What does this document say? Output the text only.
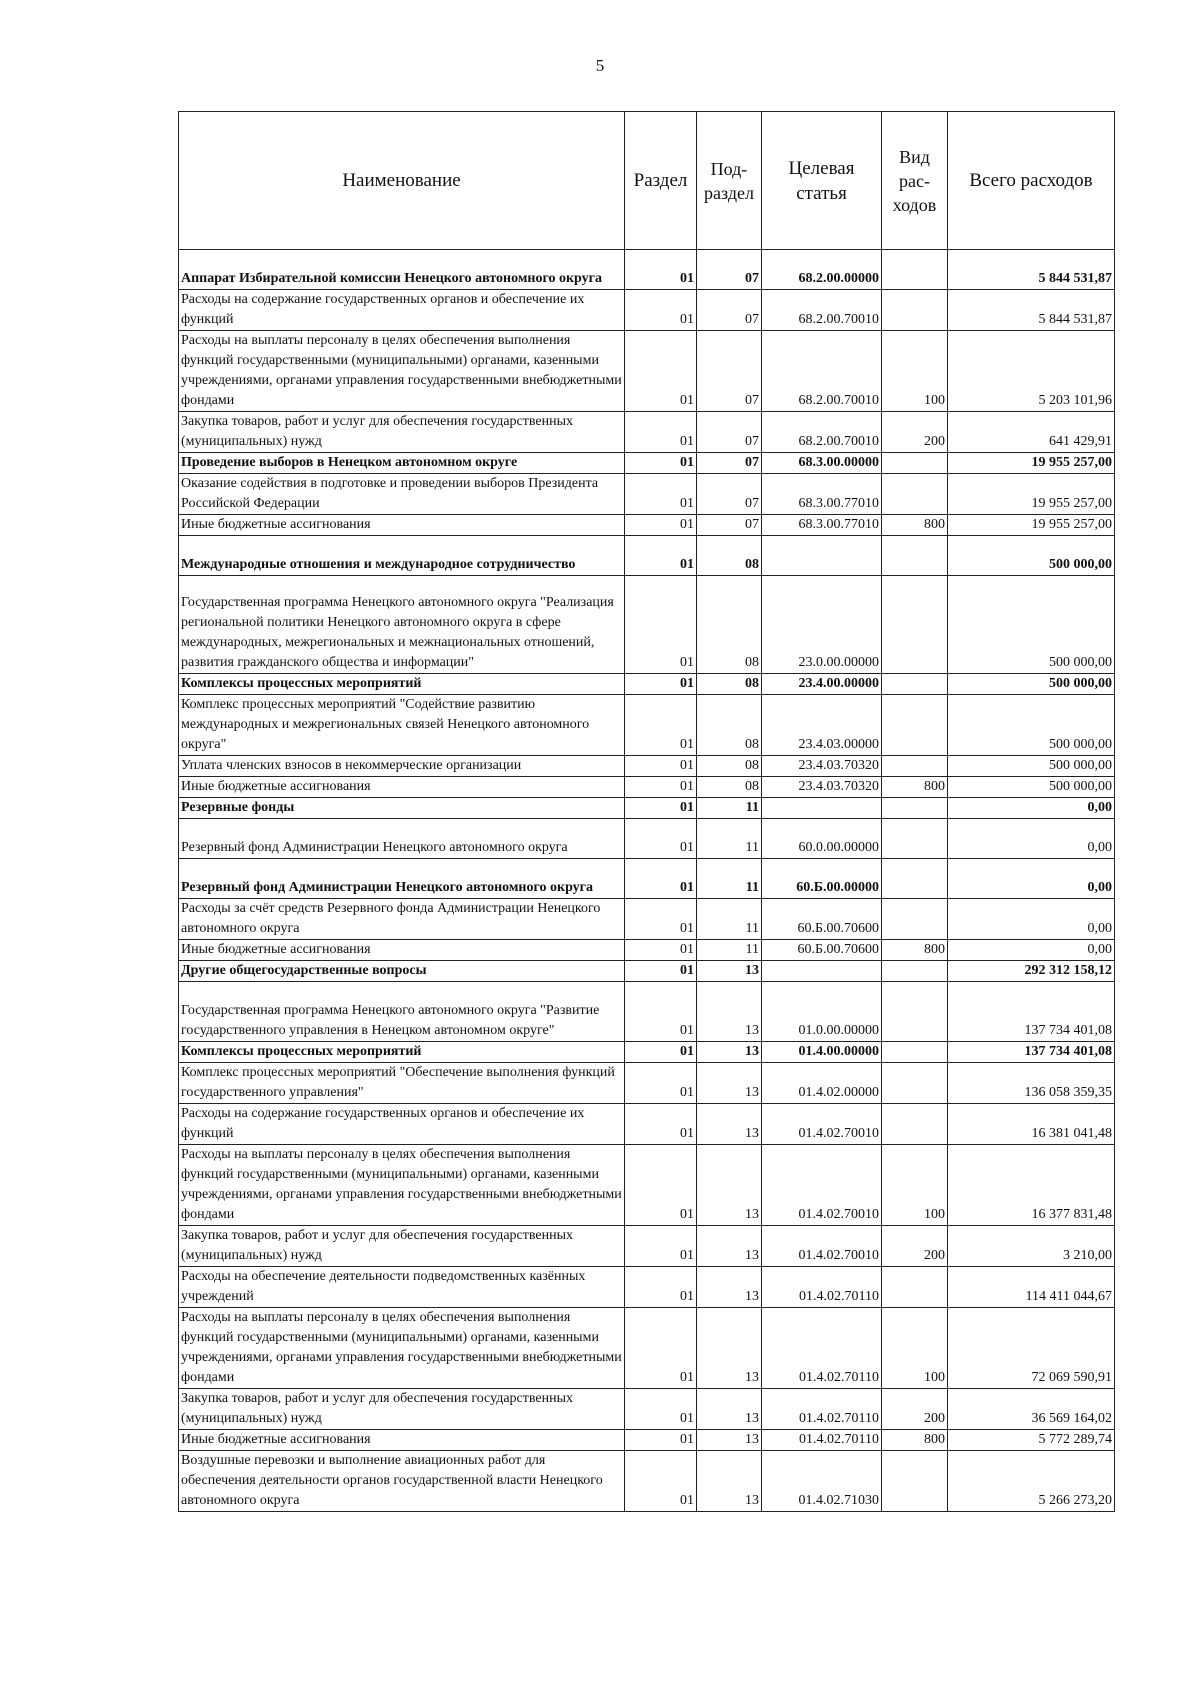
5
Наименование	Раздел	Под-раздел	Целевая статья	Вид рас-ходов	Всего расходов
Аппарат Избирательной комиссии Ненецкого автономного округа	01	07	68.2.00.00000		5 844 531,87
Расходы на содержание государственных органов и обеспечение их функций	01	07	68.2.00.70010		5 844 531,87
Расходы на выплаты персоналу в целях обеспечения выполнения функций государственными (муниципальными) органами, казенными учреждениями, органами управления государственными внебюджетными фондами	01	07	68.2.00.70010	100	5 203 101,96
Закупка товаров, работ и услуг для обеспечения государственных (муниципальных) нужд	01	07	68.2.00.70010	200	641 429,91
Проведение выборов в Ненецком автономном округе	01	07	68.3.00.00000		19 955 257,00
Оказание содействия в подготовке и проведении выборов Президента Российской Федерации	01	07	68.3.00.77010		19 955 257,00
Иные бюджетные ассигнования	01	07	68.3.00.77010	800	19 955 257,00
Международные отношения и международное сотрудничество	01	08			500 000,00
Государственная программа Ненецкого автономного округа "Реализация региональной политики Ненецкого автономного округа в сфере международных, межрегиональных и межнациональных отношений, развития гражданского общества и информации"	01	08	23.0.00.00000		500 000,00
Комплексы процессных мероприятий	01	08	23.4.00.00000		500 000,00
Комплекс процессных мероприятий "Содействие развитию международных и межрегиональных связей Ненецкого автономного округа"	01	08	23.4.03.00000		500 000,00
Уплата членских взносов в некоммерческие организации	01	08	23.4.03.70320		500 000,00
Иные бюджетные ассигнования	01	08	23.4.03.70320	800	500 000,00
Резервные фонды	01	11			0,00
Резервный фонд Администрации Ненецкого автономного округа	01	11	60.0.00.00000		0,00
Резервный фонд Администрации Ненецкого автономного округа	01	11	60.Б.00.00000		0,00
Расходы за счёт средств Резервного фонда Администрации Ненецкого автономного округа	01	11	60.Б.00.70600		0,00
Иные бюджетные ассигнования	01	11	60.Б.00.70600	800	0,00
Другие общегосударственные вопросы	01	13			292 312 158,12
Государственная программа Ненецкого автономного округа "Развитие государственного управления в Ненецком автономном округе"	01	13	01.0.00.00000		137 734 401,08
Комплексы процессных мероприятий	01	13	01.4.00.00000		137 734 401,08
Комплекс процессных мероприятий "Обеспечение выполнения функций государственного управления"	01	13	01.4.02.00000		136 058 359,35
Расходы на содержание государственных органов и обеспечение их функций	01	13	01.4.02.70010		16 381 041,48
Расходы на выплаты персоналу в целях обеспечения выполнения функций государственными (муниципальными) органами, казенными учреждениями, органами управления государственными внебюджетными фондами	01	13	01.4.02.70010	100	16 377 831,48
Закупка товаров, работ и услуг для обеспечения государственных (муниципальных) нужд	01	13	01.4.02.70010	200	3 210,00
Расходы на обеспечение деятельности подведомственных казённых учреждений	01	13	01.4.02.70110		114 411 044,67
Расходы на выплаты персоналу в целях обеспечения выполнения функций государственными (муниципальными) органами, казенными учреждениями, органами управления государственными внебюджетными фондами	01	13	01.4.02.70110	100	72 069 590,91
Закупка товаров, работ и услуг для обеспечения государственных (муниципальных) нужд	01	13	01.4.02.70110	200	36 569 164,02
Иные бюджетные ассигнования	01	13	01.4.02.70110	800	5 772 289,74
Воздушные перевозки и выполнение авиационных работ для обеспечения деятельности органов государственной власти Ненецкого автономного округа	01	13	01.4.02.71030		5 266 273,20
